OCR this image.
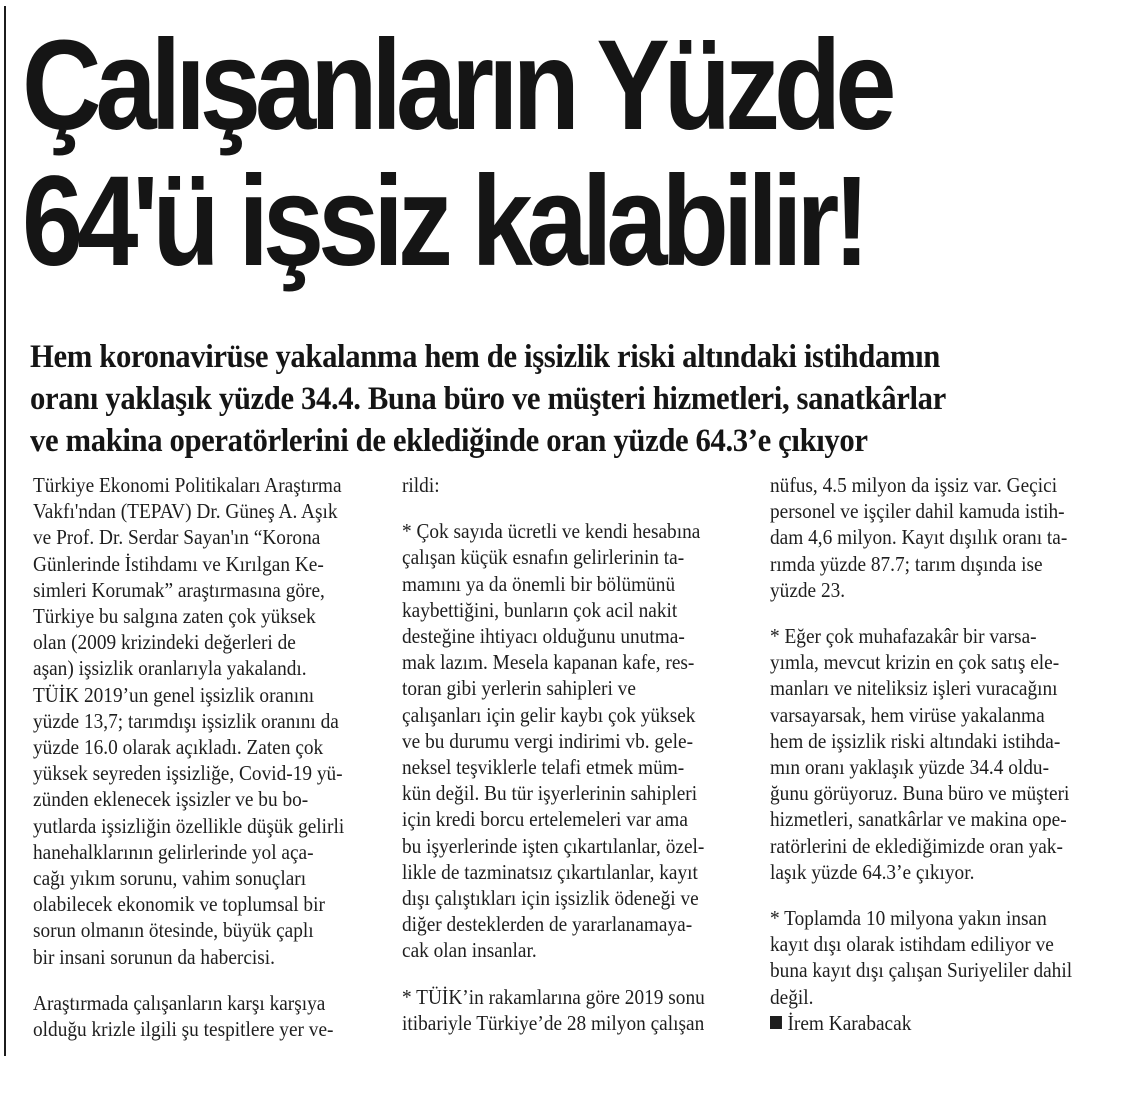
Çalışanların Yüzde
64'ü işsiz kalabilir!
Hem koronavirüse yakalanma hem de işsizlik riski altındaki istihdamın
oranı yaklaşık yüzde 34.4. Buna büro ve müşteri hizmetleri, sanatkârlar
ve makina operatörlerini de eklediğinde oran yüzde 64.3’e çıkıyor
Türkiye Ekonomi Politikaları Araştırma
Vakfı'ndan (TEPAV) Dr. Güneş A. Aşık
ve Prof. Dr. Serdar Sayan'ın “Korona
Günlerinde İstihdamı ve Kırılgan Ke-
simleri Korumak” araştırmasına göre,
Türkiye bu salgına zaten çok yüksek
olan (2009 krizindeki değerleri de
aşan) işsizlik oranlarıyla yakalandı.
TÜİK 2019’un genel işsizlik oranını
yüzde 13,7; tarımdışı işsizlik oranını da
yüzde 16.0 olarak açıkladı. Zaten çok
yüksek seyreden işsizliğe, Covid-19 yü-
zünden eklenecek işsizler ve bu bo-
yutlarda işsizliğin özellikle düşük gelirli
hanehalklarının gelirlerinde yol aça-
cağı yıkım sorunu, vahim sonuçları
olabilecek ekonomik ve toplumsal bir
sorun olmanın ötesinde, büyük çaplı
bir insani sorunun da habercisi.
Araştırmada çalışanların karşı karşıya
olduğu krizle ilgili şu tespitlere yer ve-
rildi:
* Çok sayıda ücretli ve kendi hesabına
çalışan küçük esnafın gelirlerinin ta-
mamını ya da önemli bir bölümünü
kaybettiğini, bunların çok acil nakit
desteğine ihtiyacı olduğunu unutma-
mak lazım. Mesela kapanan kafe, res-
toran gibi yerlerin sahipleri ve
çalışanları için gelir kaybı çok yüksek
ve bu durumu vergi indirimi vb. gele-
neksel teşviklerle telafi etmek müm-
kün değil. Bu tür işyerlerinin sahipleri
için kredi borcu ertelemeleri var ama
bu işyerlerinde işten çıkartılanlar, özel-
likle de tazminatsız çıkartılanlar, kayıt
dışı çalıştıkları için işsizlik ödeneği ve
diğer desteklerden de yararlanamaya-
cak olan insanlar.
* TÜİK’in rakamlarına göre 2019 sonu
itibariyle Türkiye’de 28 milyon çalışan
nüfus, 4.5 milyon da işsiz var. Geçici
personel ve işçiler dahil kamuda istih-
dam 4,6 milyon. Kayıt dışılık oranı ta-
rımda yüzde 87.7; tarım dışında ise
yüzde 23.
* Eğer çok muhafazakâr bir varsa-
yımla, mevcut krizin en çok satış ele-
manları ve niteliksiz işleri vuracağını
varsayarsak, hem virüse yakalanma
hem de işsizlik riski altındaki istihda-
mın oranı yaklaşık yüzde 34.4 oldu-
ğunu görüyoruz. Buna büro ve müşteri
hizmetleri, sanatkârlar ve makina ope-
ratörlerini de eklediğimizde oran yak-
laşık yüzde 64.3’e çıkıyor.
* Toplamda 10 milyona yakın insan
kayıt dışı olarak istihdam ediliyor ve
buna kayıt dışı çalışan Suriyeliler dahil
değil.
İrem Karabacak
